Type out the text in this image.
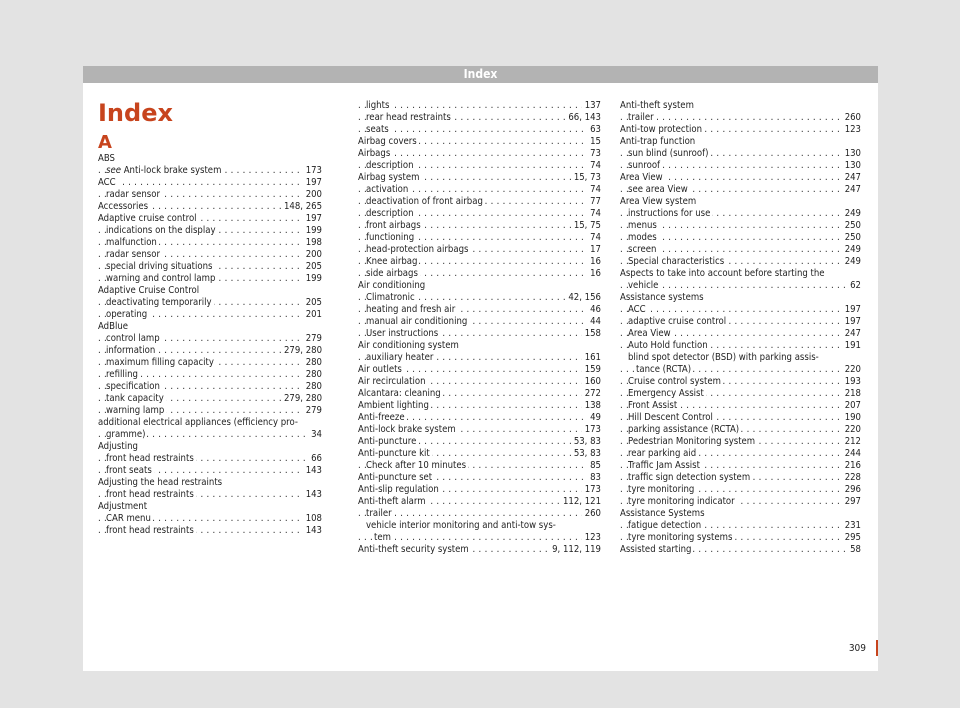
Index
Index
A
ABS
. . . see Anti-lock brake system	173
. . . ACC	197
. . . radar sensor	200
. . . Accessories	148, 265
. . . Adaptive cruise control	197
. . . indications on the display	199
. . . malfunction	198
. . . radar sensor	200
. . . special driving situations	205
. . . warning and control lamp	199
Adaptive Cruise Control
. . . deactivating temporarily	205
. . . operating	201
AdBlue
. . . control lamp	279
. . . information	279, 280
. . . maximum filling capacity	280
. . . refilling	280
. . . specification	280
. . . tank capacity	279, 280
. . . warning lamp	279
additional electrical appliances (efficiency pro-
. . . gramme)	34
Adjusting
. . . front head restraints	66
. . . front seats	143
Adjusting the head restraints
. . . front head restraints	143
Adjustment
. . . CAR menu	108
. . . front head restraints	143
. . . lights	137
. . . rear head restraints	66, 143
. . . seats	63
. . . Airbag covers	15
. . . Airbags	73
. . . description	74
. . . Airbag system	15, 73
. . . activation	74
. . . deactivation of front airbag	77
. . . description	74
. . . front airbags	15, 75
. . . functioning	74
. . . head-protection airbags	17
. . . Knee airbag	16
. . . side airbags	16
Air conditioning
. . . Climatronic	42, 156
. . . heating and fresh air	46
. . . manual air conditioning	44
. . . User instructions	158
Air conditioning system
. . . auxiliary heater	161
. . . Air outlets	159
. . . Air recirculation	160
. . . Alcantara: cleaning	272
. . . Ambient lighting	138
. . . Anti-freeze	49
. . . Anti-lock brake system	173
. . . Anti-puncture	53, 83
. . . Anti-puncture kit	53, 83
. . . Check after 10 minutes	85
. . . Anti-puncture set	83
. . . Anti-slip regulation	173
. . . Anti-theft alarm	112, 121
. . . trailer	260
vehicle interior monitoring and anti-tow sys-
. . . tem	123
. . . Anti-theft security system	9, 112, 119
Anti-theft system
. . . trailer	260
. . . Anti-tow protection	123
Anti-trap function
. . . sun blind (sunroof)	130
. . . sunroof	130
. . . Area View	247
. . . see area View	247
Area View system
. . . instructions for use	249
. . . menus	250
. . . modes	250
. . . screen	249
. . . Special characteristics	249
Aspects to take into account before starting the
. . . vehicle	62
Assistance systems
. . . ACC	197
. . . adaptive cruise control	197
. . . Area View	247
. . . Auto Hold function	191
blind spot detector (BSD) with parking assis-
. . . tance (RCTA)	220
. . . Cruise control system	193
. . . Emergency Assist	218
. . . Front Assist	207
. . . Hill Descent Control	190
. . . parking assistance (RCTA)	220
. . . Pedestrian Monitoring system	212
. . . rear parking aid	244
. . . Traffic Jam Assist	216
. . . traffic sign detection system	228
. . . tyre monitoring	296
. . . tyre monitoring indicator	297
Assistance Systems
. . . fatigue detection	231
. . . tyre monitoring systems	295
. . . Assisted starting	58
309
